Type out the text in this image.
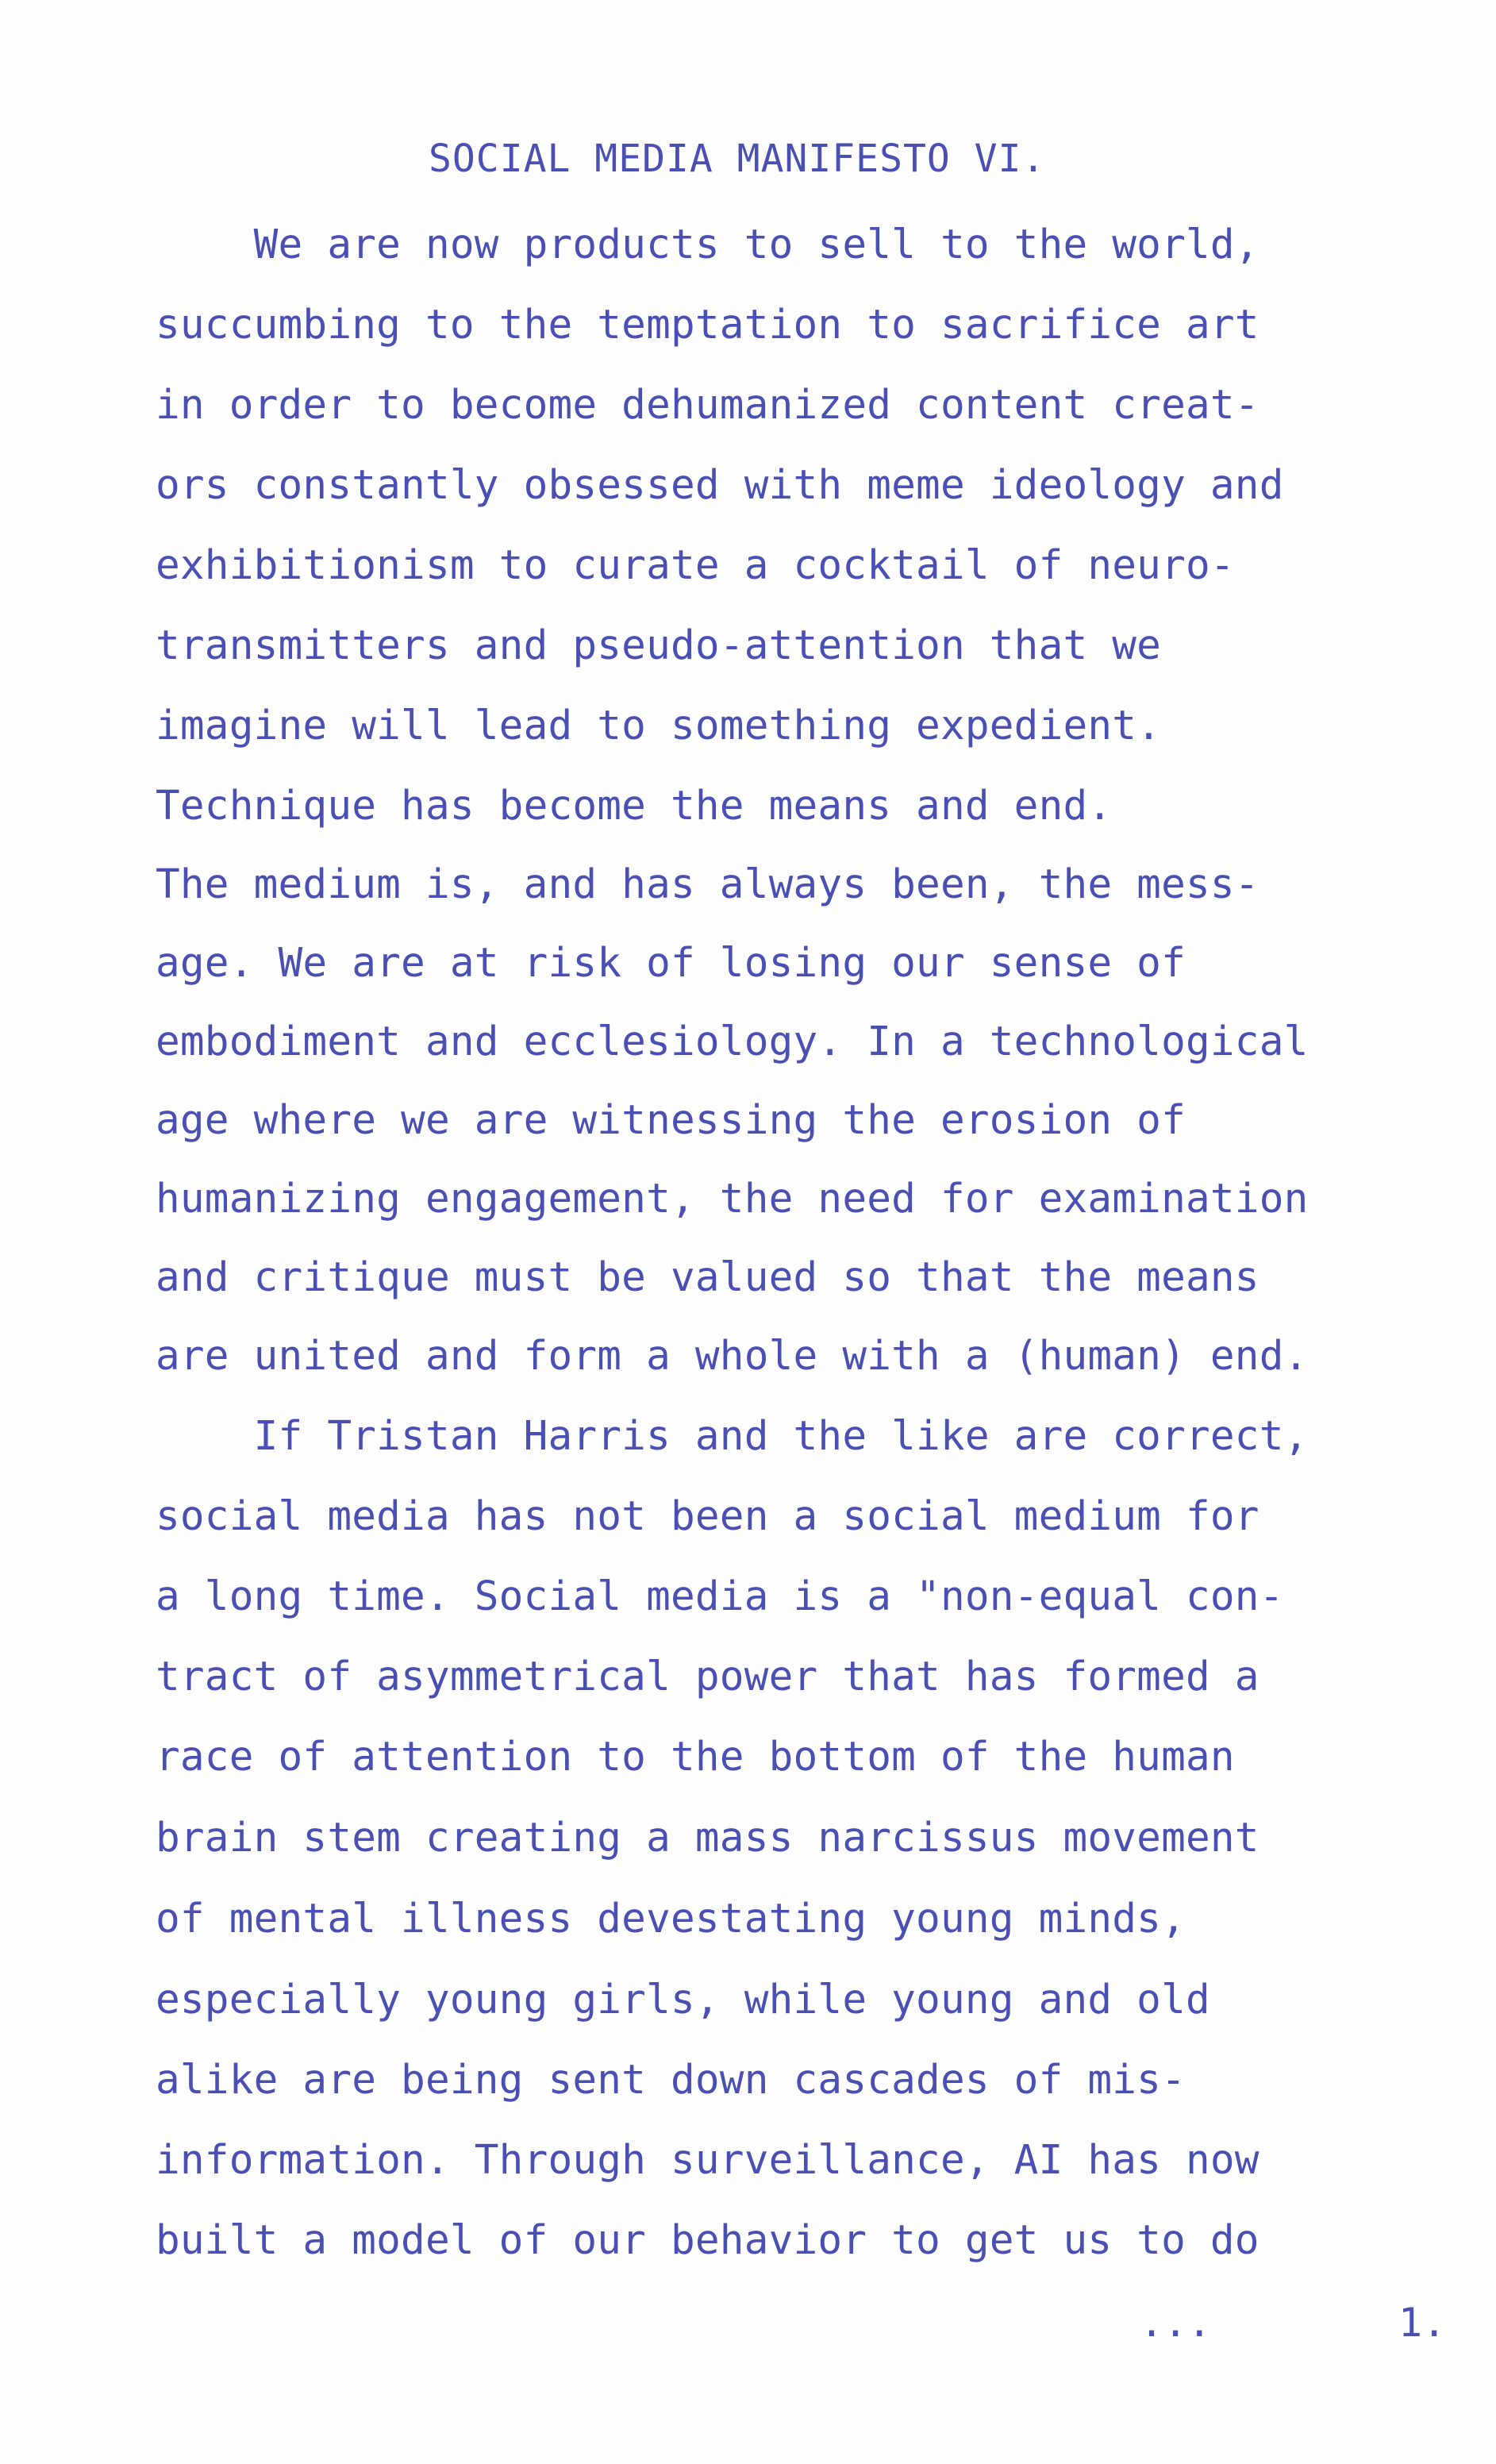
SOCIAL MEDIA MANIFESTO VI.
We are now products to sell to the world,
succumbing to the temptation to sacrifice art
in order to become dehumanized content creat-
ors constantly obsessed with meme ideology and
exhibitionism to curate a cocktail of neuro-
transmitters and pseudo-attention that we
imagine will lead to something expedient.
Technique has become the means and end.
The medium is, and has always been, the mess-
age. We are at risk of losing our sense of
embodiment and ecclesiology. In a technological
age where we are witnessing the erosion of
humanizing engagement, the need for examination
and critique must be valued so that the means
are united and form a whole with a (human) end.
If Tristan Harris and the like are correct,
social media has not been a social medium for
a long time. Social media is a "non-equal con-
tract of asymmetrical power that has formed a
race of attention to the bottom of the human
brain stem creating a mass narcissus movement
of mental illness devestating young minds,
especially young girls, while young and old
alike are being sent down cascades of mis-
information. Through surveillance, AI has now
built a model of our behavior to get us to do
...	1.
